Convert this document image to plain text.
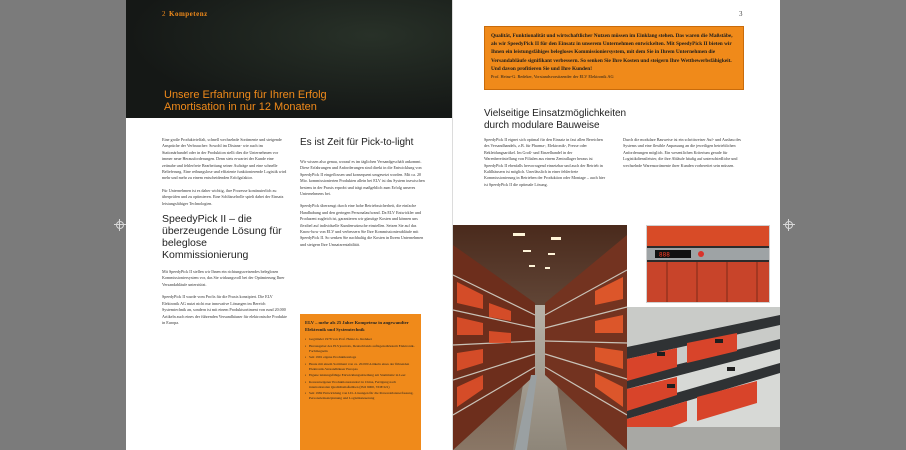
2 Kompetenz
Unsere Erfahrung für Ihren Erfolg
Amortisation in nur 12 Monaten

Eine große Produktvielfalt, schnell wechselnde Sortimente und steigende Ansprüche der Verbraucher: Sowohl im Distanz- wie auch im Stationärhandel oder in der Produktion stellt dies die Unternehmen vor immer neue Herausforderungen. Denn stets erwartet der Kunde eine zeitnahe und fehlerfreie Bearbeitung seiner Aufträge und eine schnelle Belieferung. Eine reibungslose und effiziente funktionierende Logistik wird mehr und mehr zu einem entscheidenden Erfolgsfaktor.

Für Unternehmen ist es daher wichtig, ihre Prozesse kontinuierlich zu überprüfen und zu optimieren. Eine Schlüsselrolle spielt dabei der Einsatz leistungsfähiger Technologien.

SpeedyPick II – die überzeugende Lösung für beleglose Kommissionierung

Mit SpeedyPick II stellen wir Ihnen ein richtungsweisendes beleglosen Kommissioniersystem vor, das Sie wirkungsvoll bei der Optimierung Ihrer Versandabläufe unterstützt.

SpeedyPick II wurde vom Profis für die Praxis konzipiert. Die ELV Elektronik AG nutzt nicht nur innovative Lösungen im Bereich Systemtechnik an, sondern ist mit einem Produktsortiment von rund 20.000 Artikeln auch eines der führenden Versandhäuser für elektronische Produkte in Europa.

Es ist Zeit für Pick-to-light

Wir wissen also genau, worauf es im täglichen Versandgeschäft ankommt. Diese Erfahrungen und Anforderungen sind direkt in die Entwicklung von SpeedyPick II eingeflossen und konsequent umgesetzt worden. Mit ca. 20 Mio. kommissionierten Produkten allein bei ELV ist das System inzwischen bestens in der Praxis erprobt und trägt maßgeblich zum Erfolg unseres Unternehmens bei.

SpeedyPick überzeugt durch eine hohe Betriebssicherheit, die einfache Handhabung und den geringen Personalaufwand. Da ELV Entwickler und Produzent zugleich ist, garantieren wir günstige Kosten und können uns flexibel auf individuelle Kundenwünsche einstellen. Setzen Sie auf das Know-how von ELV und verbessern Sie Ihre Kommissionierabläufe mit SpeedyPick II. So senken Sie nachhaltig die Kosten in Ihrem Unternehmen und steigern Ihre Umsatzrentabilität.

ELV – mehr als 25 Jahre Kompetenz in angewandter Elektronik und Systemtechnik
▪ Gegründet 1978 von Prof. Heinz-G. Redeker
▪ Herausgeber des ELVjournals, Deutschlands auflagenstärkstem Elektronik-Fachmagazin
▪ Seit 1991 eigene Produktkataloge
▪ Heute mit einem Sortiment von ca. 20.000 Artikeln eines der führenden Elektronik-Versandhäuser Europas
▪ Eigene leistungsfähige Entwicklungsabteilung am Stammsitz in Leer
▪ Konzerneigener Produktionsstandort in China, Fertigung nach internationalen Qualitätsmaßstäben (ISO 9000, VDE/GS)
▪ Seit 1982 Entwicklung von I.D.-Lösungen für die Personaldatenerfassung, Personaleinsatzplanung und Logistiksteuerung
3
Qualität, Funktionalität und wirtschaftlicher Nutzen müssen im Einklang stehen. Das waren die Maßstäbe, als wir SpeedyPick II für den Einsatz in unserem Unternehmen entwickelten. Mit SpeedyPick II bieten wir Ihnen ein leistungsfähiges belegloses Kommissioniersystem, mit dem Sie in Ihrem Unternehmen die Versandabläufe signifikant verbessern. So senken Sie Ihre Kosten und steigern Ihre Wettbewerbsfähigkeit. Und davon profitieren Sie und Ihre Kunden!
Prof. Heinz-G. Redeker, Vorstandsvorsitzender der ELV Elektronik AG
Vielseitige Einsatzmöglichkeiten durch modulare Bauweise

SpeedyPick II eignet sich optimal für den Einsatz in fast allen Bereichen des Versandhandels, z.B. für Pharma-, Elektronik-, Presse oder Bekleidungsartikel. Im Groß- und Einzelhandel in der Warenbereitstellung von Filialen aus einem Zentrallager heraus ist SpeedyPick II ebenfalls hervorragend einsetzbar und auch der Betrieb in Kaltlhäusern ist möglich. Unerlässlich in einer fehlerfreie Kommissionierung in Betrieben der Produktion oder Montage – auch hier ist SpeedyPick II die optimale Lösung.

Durch die modulare Bauweise ist ein schrittweiser Auf- und Ausbau des Systems und eine flexible Anpassung an die jeweiligen betrieblichen Anforderungen möglich. Ein wesentlichen Kriterium gerade für Logistikdienstleister, die ihre Abläufe häufig auf unterschiedliche und wechselnde Warensortimente ihrer Kunden vorbereitet sein müssen.

888
